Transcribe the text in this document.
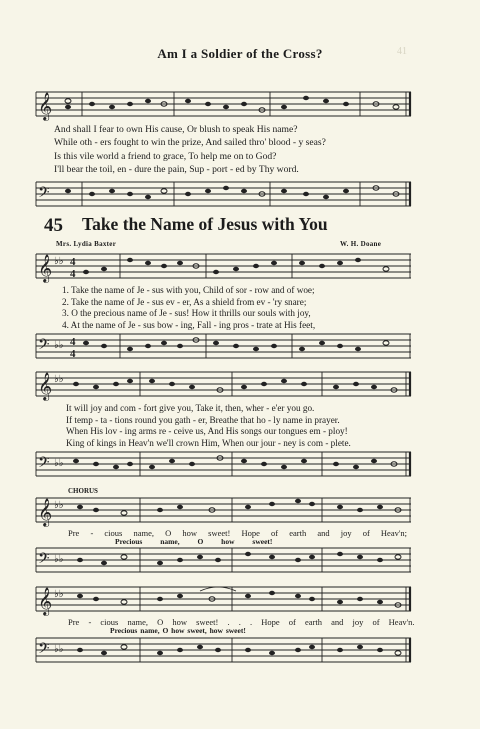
41
Am I a Soldier of the Cross?
𝄞
And shall I fear to own His cause, Or blush to speak His name?
While oth - ers fought to win the prize, And sailed thro' blood - y seas?
Is this vile world a friend to grace, To help me on to God?
I'll bear the toil, en - dure the pain, Sup - port - ed by Thy word.
𝄢
45 Take the Name of Jesus with You
Mrs. Lydia Baxter	W. H. Doane
𝄞 ♭♭ 4
4
1. Take the name of Je - sus with you, Child of sor - row and of woe;
2. Take the name of Je - sus ev - er, As a shield from ev - 'ry snare;
3. O the precious name of Je - sus! How it thrills our souls with joy,
4. At the name of Je - sus bow - ing, Fall - ing pros - trate at His feet,
𝄢 ♭♭ 4
4
𝄞 ♭♭
It will joy and com - fort give you, Take it, then, wher - e'er you go.
If temp - ta - tions round you gath - er, Breathe that ho - ly name in prayer.
When His lov - ing arms re - ceive us, And His songs our tongues em - ploy!
King of kings in Heav'n we'll crown Him, When our jour - ney is com - plete.
𝄢 ♭♭
CHORUS
𝄞 ♭♭
Pre - cious name, O how sweet! Hope of earth and joy of Heav'n;
Precious name, O how sweet!
𝄢 ♭♭
𝄞 ♭♭
Pre - cious name, O how sweet! . . . Hope of earth and joy of Heav'n.
Precious name, O how sweet, how sweet!
𝄢 ♭♭
